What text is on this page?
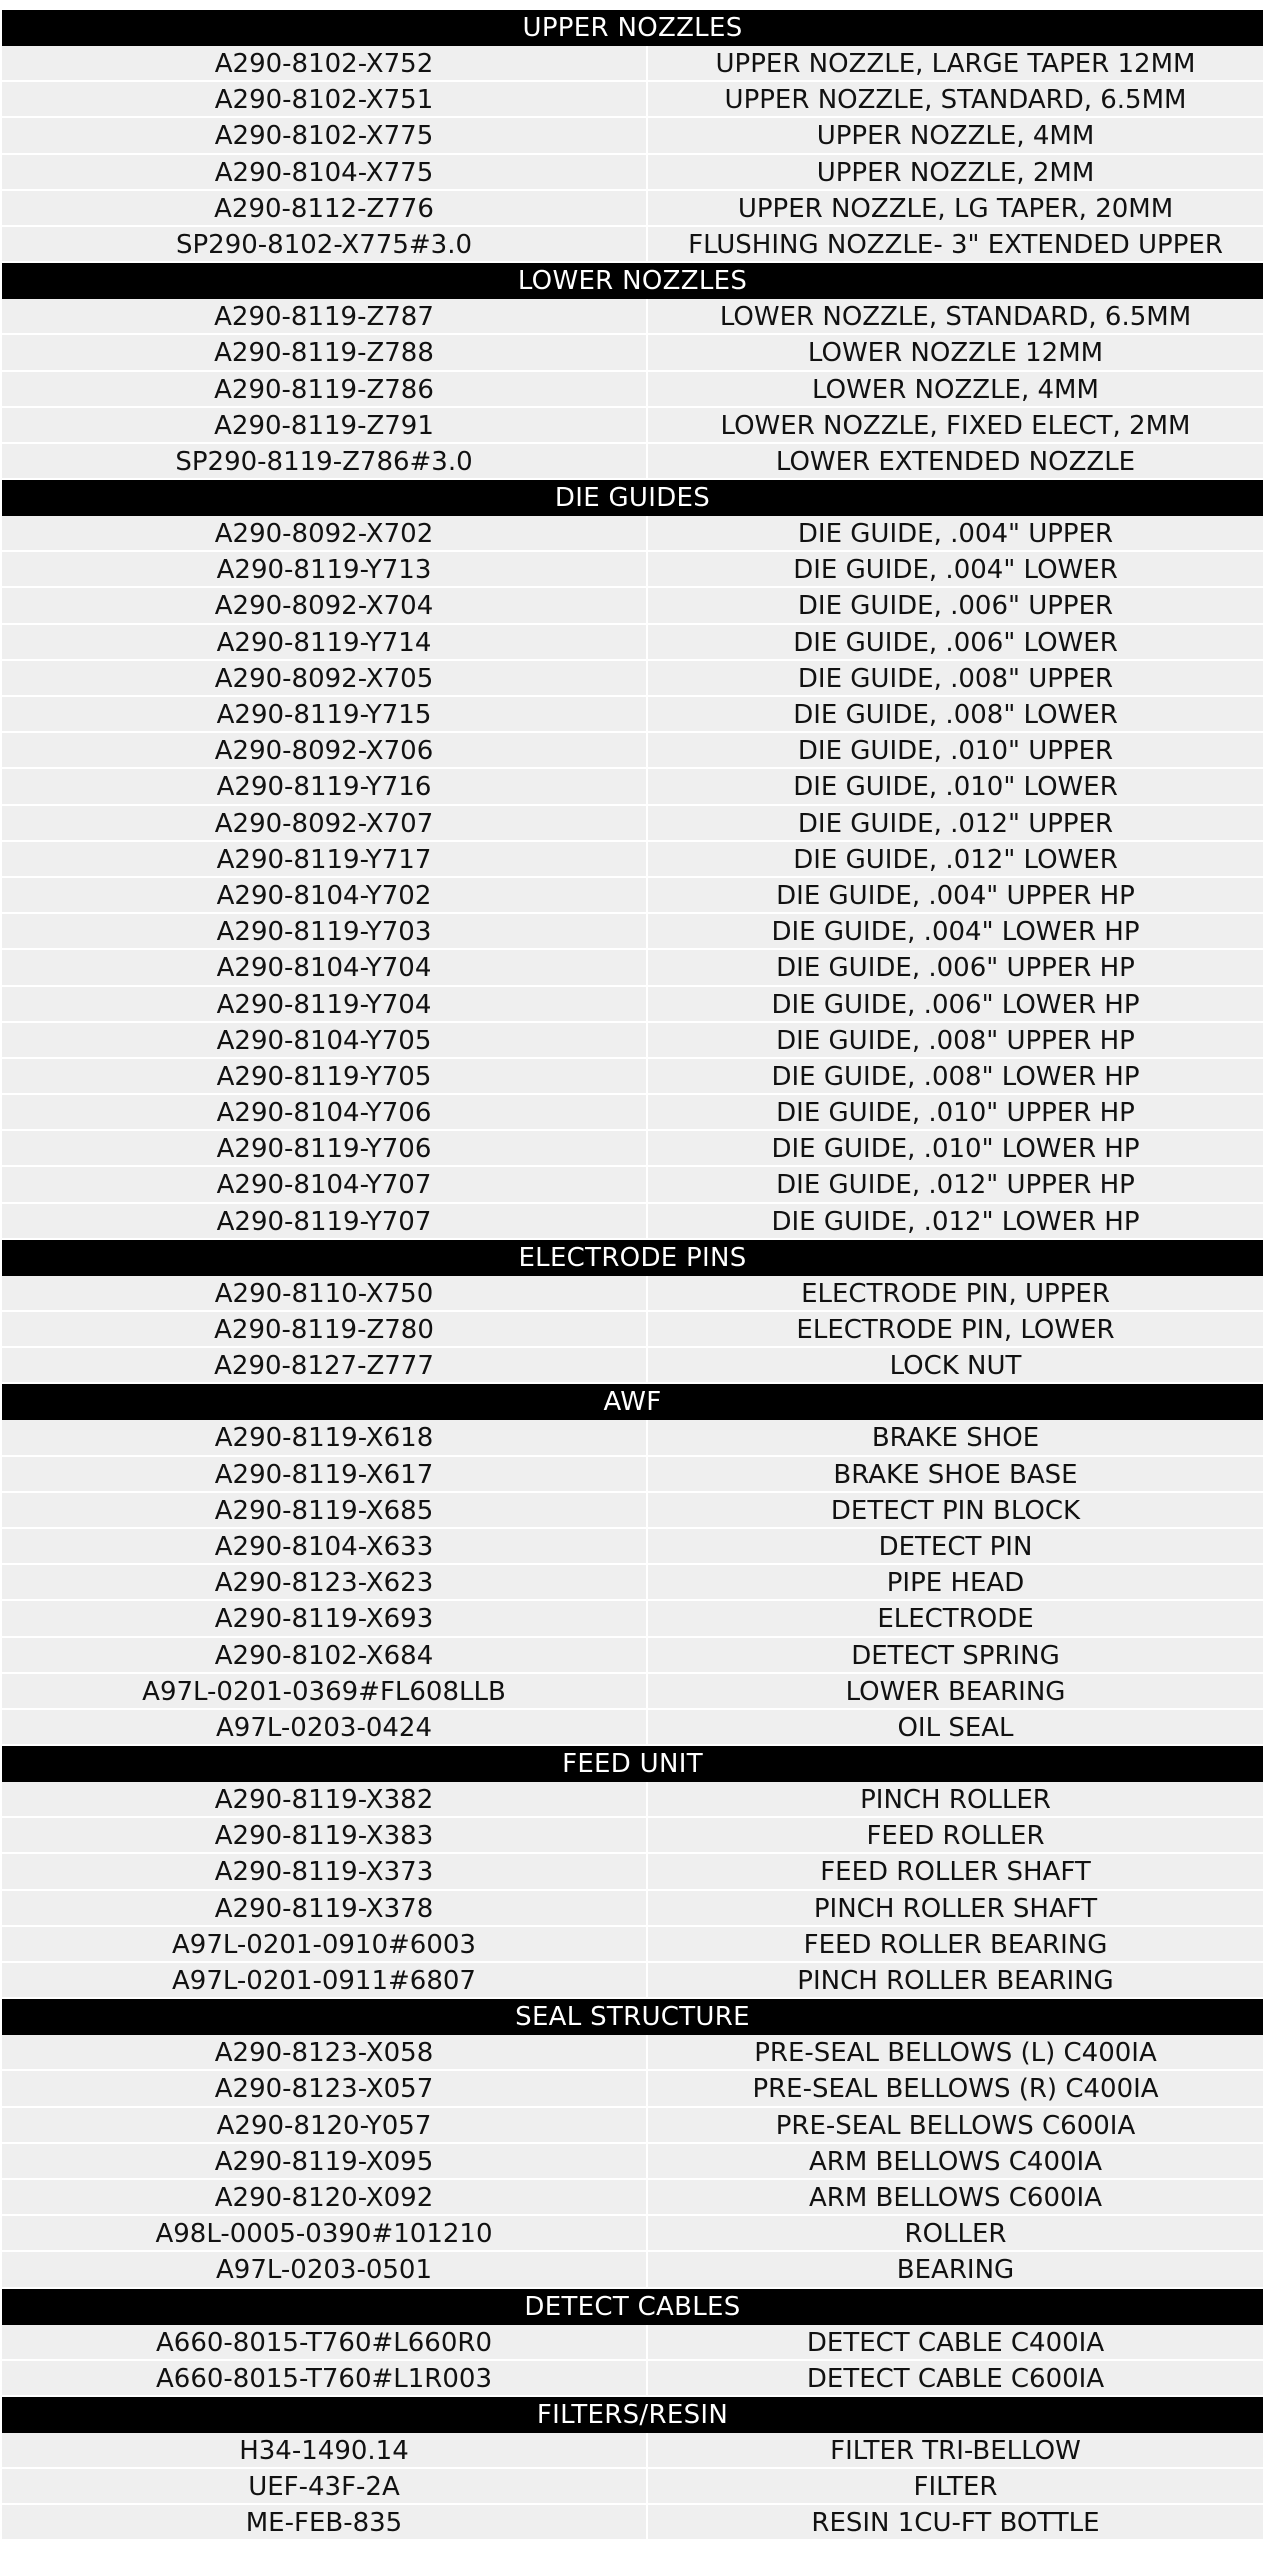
UPPER NOZZLES
A290-8102-X752	UPPER NOZZLE, LARGE TAPER 12MM
A290-8102-X751	UPPER NOZZLE, STANDARD, 6.5MM
A290-8102-X775	UPPER NOZZLE, 4MM
A290-8104-X775	UPPER NOZZLE, 2MM
A290-8112-Z776	UPPER NOZZLE, LG TAPER, 20MM
SP290-8102-X775#3.0	FLUSHING NOZZLE- 3" EXTENDED UPPER
LOWER NOZZLES
A290-8119-Z787	LOWER NOZZLE, STANDARD, 6.5MM
A290-8119-Z788	LOWER NOZZLE 12MM
A290-8119-Z786	LOWER NOZZLE, 4MM
A290-8119-Z791	LOWER NOZZLE, FIXED ELECT, 2MM
SP290-8119-Z786#3.0	LOWER EXTENDED NOZZLE
DIE GUIDES
A290-8092-X702	DIE GUIDE, .004" UPPER
A290-8119-Y713	DIE GUIDE, .004" LOWER
A290-8092-X704	DIE GUIDE, .006" UPPER
A290-8119-Y714	DIE GUIDE, .006" LOWER
A290-8092-X705	DIE GUIDE, .008" UPPER
A290-8119-Y715	DIE GUIDE, .008" LOWER
A290-8092-X706	DIE GUIDE, .010" UPPER
A290-8119-Y716	DIE GUIDE, .010" LOWER
A290-8092-X707	DIE GUIDE, .012" UPPER
A290-8119-Y717	DIE GUIDE, .012" LOWER
A290-8104-Y702	DIE GUIDE, .004" UPPER HP
A290-8119-Y703	DIE GUIDE, .004" LOWER HP
A290-8104-Y704	DIE GUIDE, .006" UPPER HP
A290-8119-Y704	DIE GUIDE, .006" LOWER HP
A290-8104-Y705	DIE GUIDE, .008" UPPER HP
A290-8119-Y705	DIE GUIDE, .008" LOWER HP
A290-8104-Y706	DIE GUIDE, .010" UPPER HP
A290-8119-Y706	DIE GUIDE, .010" LOWER HP
A290-8104-Y707	DIE GUIDE, .012" UPPER HP
A290-8119-Y707	DIE GUIDE, .012" LOWER HP
ELECTRODE PINS
A290-8110-X750	ELECTRODE PIN, UPPER
A290-8119-Z780	ELECTRODE PIN, LOWER
A290-8127-Z777	LOCK NUT
AWF
A290-8119-X618	BRAKE SHOE
A290-8119-X617	BRAKE SHOE BASE
A290-8119-X685	DETECT PIN BLOCK
A290-8104-X633	DETECT PIN
A290-8123-X623	PIPE HEAD
A290-8119-X693	ELECTRODE
A290-8102-X684	DETECT SPRING
A97L-0201-0369#FL608LLB	LOWER BEARING
A97L-0203-0424	OIL SEAL
FEED UNIT
A290-8119-X382	PINCH ROLLER
A290-8119-X383	FEED ROLLER
A290-8119-X373	FEED ROLLER SHAFT
A290-8119-X378	PINCH ROLLER SHAFT
A97L-0201-0910#6003	FEED ROLLER BEARING
A97L-0201-0911#6807	PINCH ROLLER BEARING
SEAL STRUCTURE
A290-8123-X058	PRE-SEAL BELLOWS (L) C400IA
A290-8123-X057	PRE-SEAL BELLOWS (R) C400IA
A290-8120-Y057	PRE-SEAL BELLOWS C600IA
A290-8119-X095	ARM BELLOWS C400IA
A290-8120-X092	ARM BELLOWS C600IA
A98L-0005-0390#101210	ROLLER
A97L-0203-0501	BEARING
DETECT CABLES
A660-8015-T760#L660R0	DETECT CABLE C400IA
A660-8015-T760#L1R003	DETECT CABLE C600IA
FILTERS/RESIN
H34-1490.14	FILTER TRI-BELLOW
UEF-43F-2A	FILTER
ME-FEB-835	RESIN 1CU-FT BOTTLE
